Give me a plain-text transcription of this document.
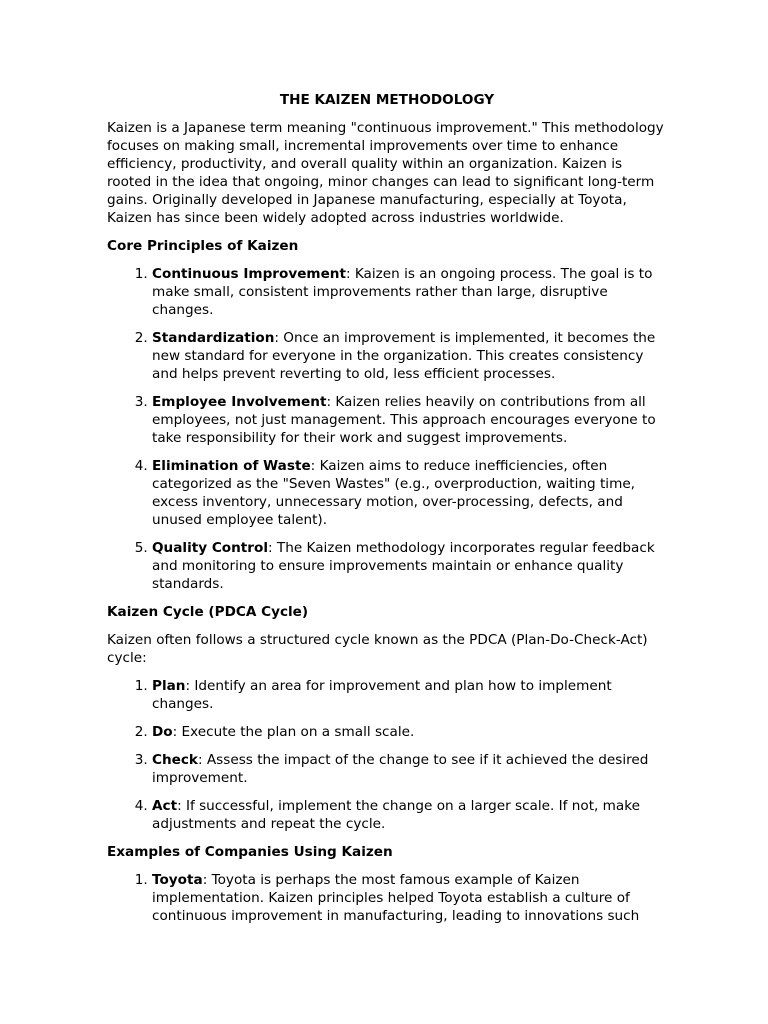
THE KAIZEN METHODOLOGY
Kaizen is a Japanese term meaning "continuous improvement." This methodology focuses on making small, incremental improvements over time to enhance efficiency, productivity, and overall quality within an organization. Kaizen is rooted in the idea that ongoing, minor changes can lead to significant long-term gains. Originally developed in Japanese manufacturing, especially at Toyota, Kaizen has since been widely adopted across industries worldwide.
Core Principles of Kaizen
1. Continuous Improvement: Kaizen is an ongoing process. The goal is to make small, consistent improvements rather than large, disruptive changes.
2. Standardization: Once an improvement is implemented, it becomes the new standard for everyone in the organization. This creates consistency and helps prevent reverting to old, less efficient processes.
3. Employee Involvement: Kaizen relies heavily on contributions from all employees, not just management. This approach encourages everyone to take responsibility for their work and suggest improvements.
4. Elimination of Waste: Kaizen aims to reduce inefficiencies, often categorized as the "Seven Wastes" (e.g., overproduction, waiting time, excess inventory, unnecessary motion, over-processing, defects, and unused employee talent).
5. Quality Control: The Kaizen methodology incorporates regular feedback and monitoring to ensure improvements maintain or enhance quality standards.
Kaizen Cycle (PDCA Cycle)
Kaizen often follows a structured cycle known as the PDCA (Plan-Do-Check-Act) cycle:
1. Plan: Identify an area for improvement and plan how to implement changes.
2. Do: Execute the plan on a small scale.
3. Check: Assess the impact of the change to see if it achieved the desired improvement.
4. Act: If successful, implement the change on a larger scale. If not, make adjustments and repeat the cycle.
Examples of Companies Using Kaizen
1. Toyota: Toyota is perhaps the most famous example of Kaizen implementation. Kaizen principles helped Toyota establish a culture of continuous improvement in manufacturing, leading to innovations such
